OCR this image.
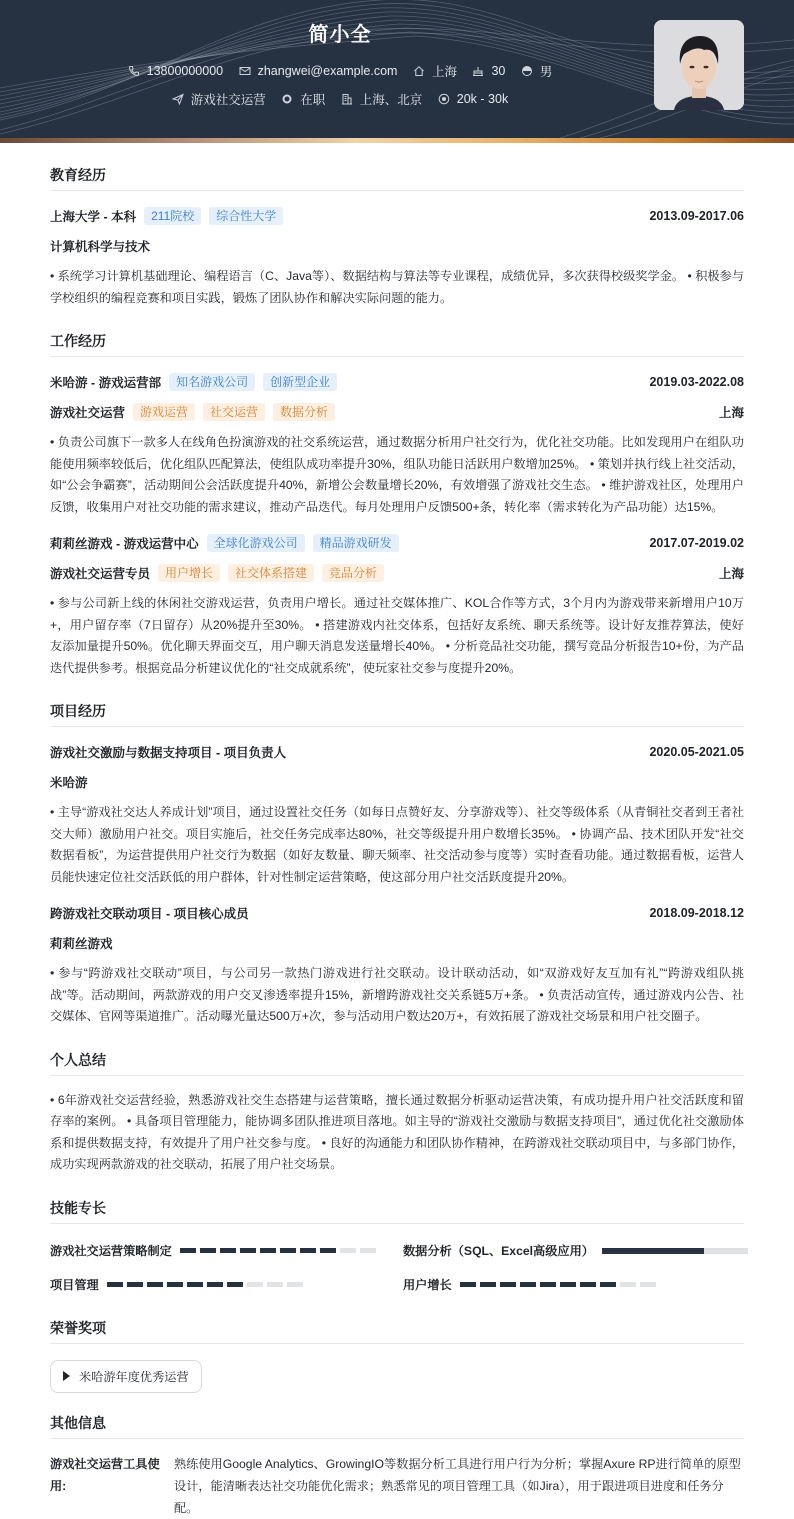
简小全
13800000000
	zhangwei@example.com
	上海
	30
	男
游戏社交运营
	在职
	上海、北京
	20k - 30k
教育经历
上海大学 - 本科	211院校	综合性大学	2013.09-2017.06
计算机科学与技术
• 系统学习计算机基础理论、编程语言（C、Java等）、数据结构与算法等专业课程，成绩优异，多次获得校级奖学金。 • 积极参与学校组织的编程竞赛和项目实践，锻炼了团队协作和解决实际问题的能力。
工作经历
米哈游 - 游戏运营部	知名游戏公司	创新型企业	2019.03-2022.08
游戏社交运营	游戏运营	社交运营	数据分析	上海
• 负责公司旗下一款多人在线角色扮演游戏的社交系统运营，通过数据分析用户社交行为，优化社交功能。比如发现用户在组队功能使用频率较低后，优化组队匹配算法，使组队成功率提升30%，组队功能日活跃用户数增加25%。 • 策划并执行线上社交活动，如“公会争霸赛”，活动期间公会活跃度提升40%，新增公会数量增长20%，有效增强了游戏社交生态。 • 维护游戏社区，处理用户反馈，收集用户对社交功能的需求建议，推动产品迭代。每月处理用户反馈500+条，转化率（需求转化为产品功能）达15%。
莉莉丝游戏 - 游戏运营中心	全球化游戏公司	精品游戏研发	2017.07-2019.02
游戏社交运营专员	用户增长	社交体系搭建	竞品分析	上海
• 参与公司新上线的休闲社交游戏运营，负责用户增长。通过社交媒体推广、KOL合作等方式，3个月内为游戏带来新增用户10万+，用户留存率（7日留存）从20%提升至30%。 • 搭建游戏内社交体系，包括好友系统、聊天系统等。设计好友推荐算法，使好友添加量提升50%。优化聊天界面交互，用户聊天消息发送量增长40%。 • 分析竞品社交功能，撰写竞品分析报告10+份，为产品迭代提供参考。根据竞品分析建议优化的“社交成就系统”，使玩家社交参与度提升20%。
项目经历
游戏社交激励与数据支持项目 - 项目负责人	2020.05-2021.05
米哈游
• 主导“游戏社交达人养成计划”项目，通过设置社交任务（如每日点赞好友、分享游戏等）、社交等级体系（从青铜社交者到王者社交大师）激励用户社交。项目实施后，社交任务完成率达80%，社交等级提升用户数增长35%。 • 协调产品、技术团队开发“社交数据看板”，为运营提供用户社交行为数据（如好友数量、聊天频率、社交活动参与度等）实时查看功能。通过数据看板，运营人员能快速定位社交活跃低的用户群体，针对性制定运营策略，使这部分用户社交活跃度提升20%。
跨游戏社交联动项目 - 项目核心成员	2018.09-2018.12
莉莉丝游戏
• 参与“跨游戏社交联动”项目，与公司另一款热门游戏进行社交联动。设计联动活动，如“双游戏好友互加有礼”“跨游戏组队挑战”等。活动期间，两款游戏的用户交叉渗透率提升15%，新增跨游戏社交关系链5万+条。 • 负责活动宣传，通过游戏内公告、社交媒体、官网等渠道推广。活动曝光量达500万+次，参与活动用户数达20万+，有效拓展了游戏社交场景和用户社交圈子。
个人总结
• 6年游戏社交运营经验，熟悉游戏社交生态搭建与运营策略，擅长通过数据分析驱动运营决策，有成功提升用户社交活跃度和留存率的案例。 • 具备项目管理能力，能协调多团队推进项目落地。如主导的“游戏社交激励与数据支持项目”，通过优化社交激励体系和提供数据支持，有效提升了用户社交参与度。 • 良好的沟通能力和团队协作精神，在跨游戏社交联动项目中，与多部门协作，成功实现两款游戏的社交联动，拓展了用户社交场景。
技能专长
游戏社交运营策略制定	数据分析（SQL、Excel高级应用）
项目管理	用户增长
荣誉奖项
米哈游年度优秀运营
其他信息
游戏社交运营工具使用:
熟练使用Google Analytics、GrowingIO等数据分析工具进行用户行为分析；掌握Axure RP进行简单的原型设计，能清晰表达社交功能优化需求；熟悉常见的项目管理工具（如Jira），用于跟进项目进度和任务分配。
